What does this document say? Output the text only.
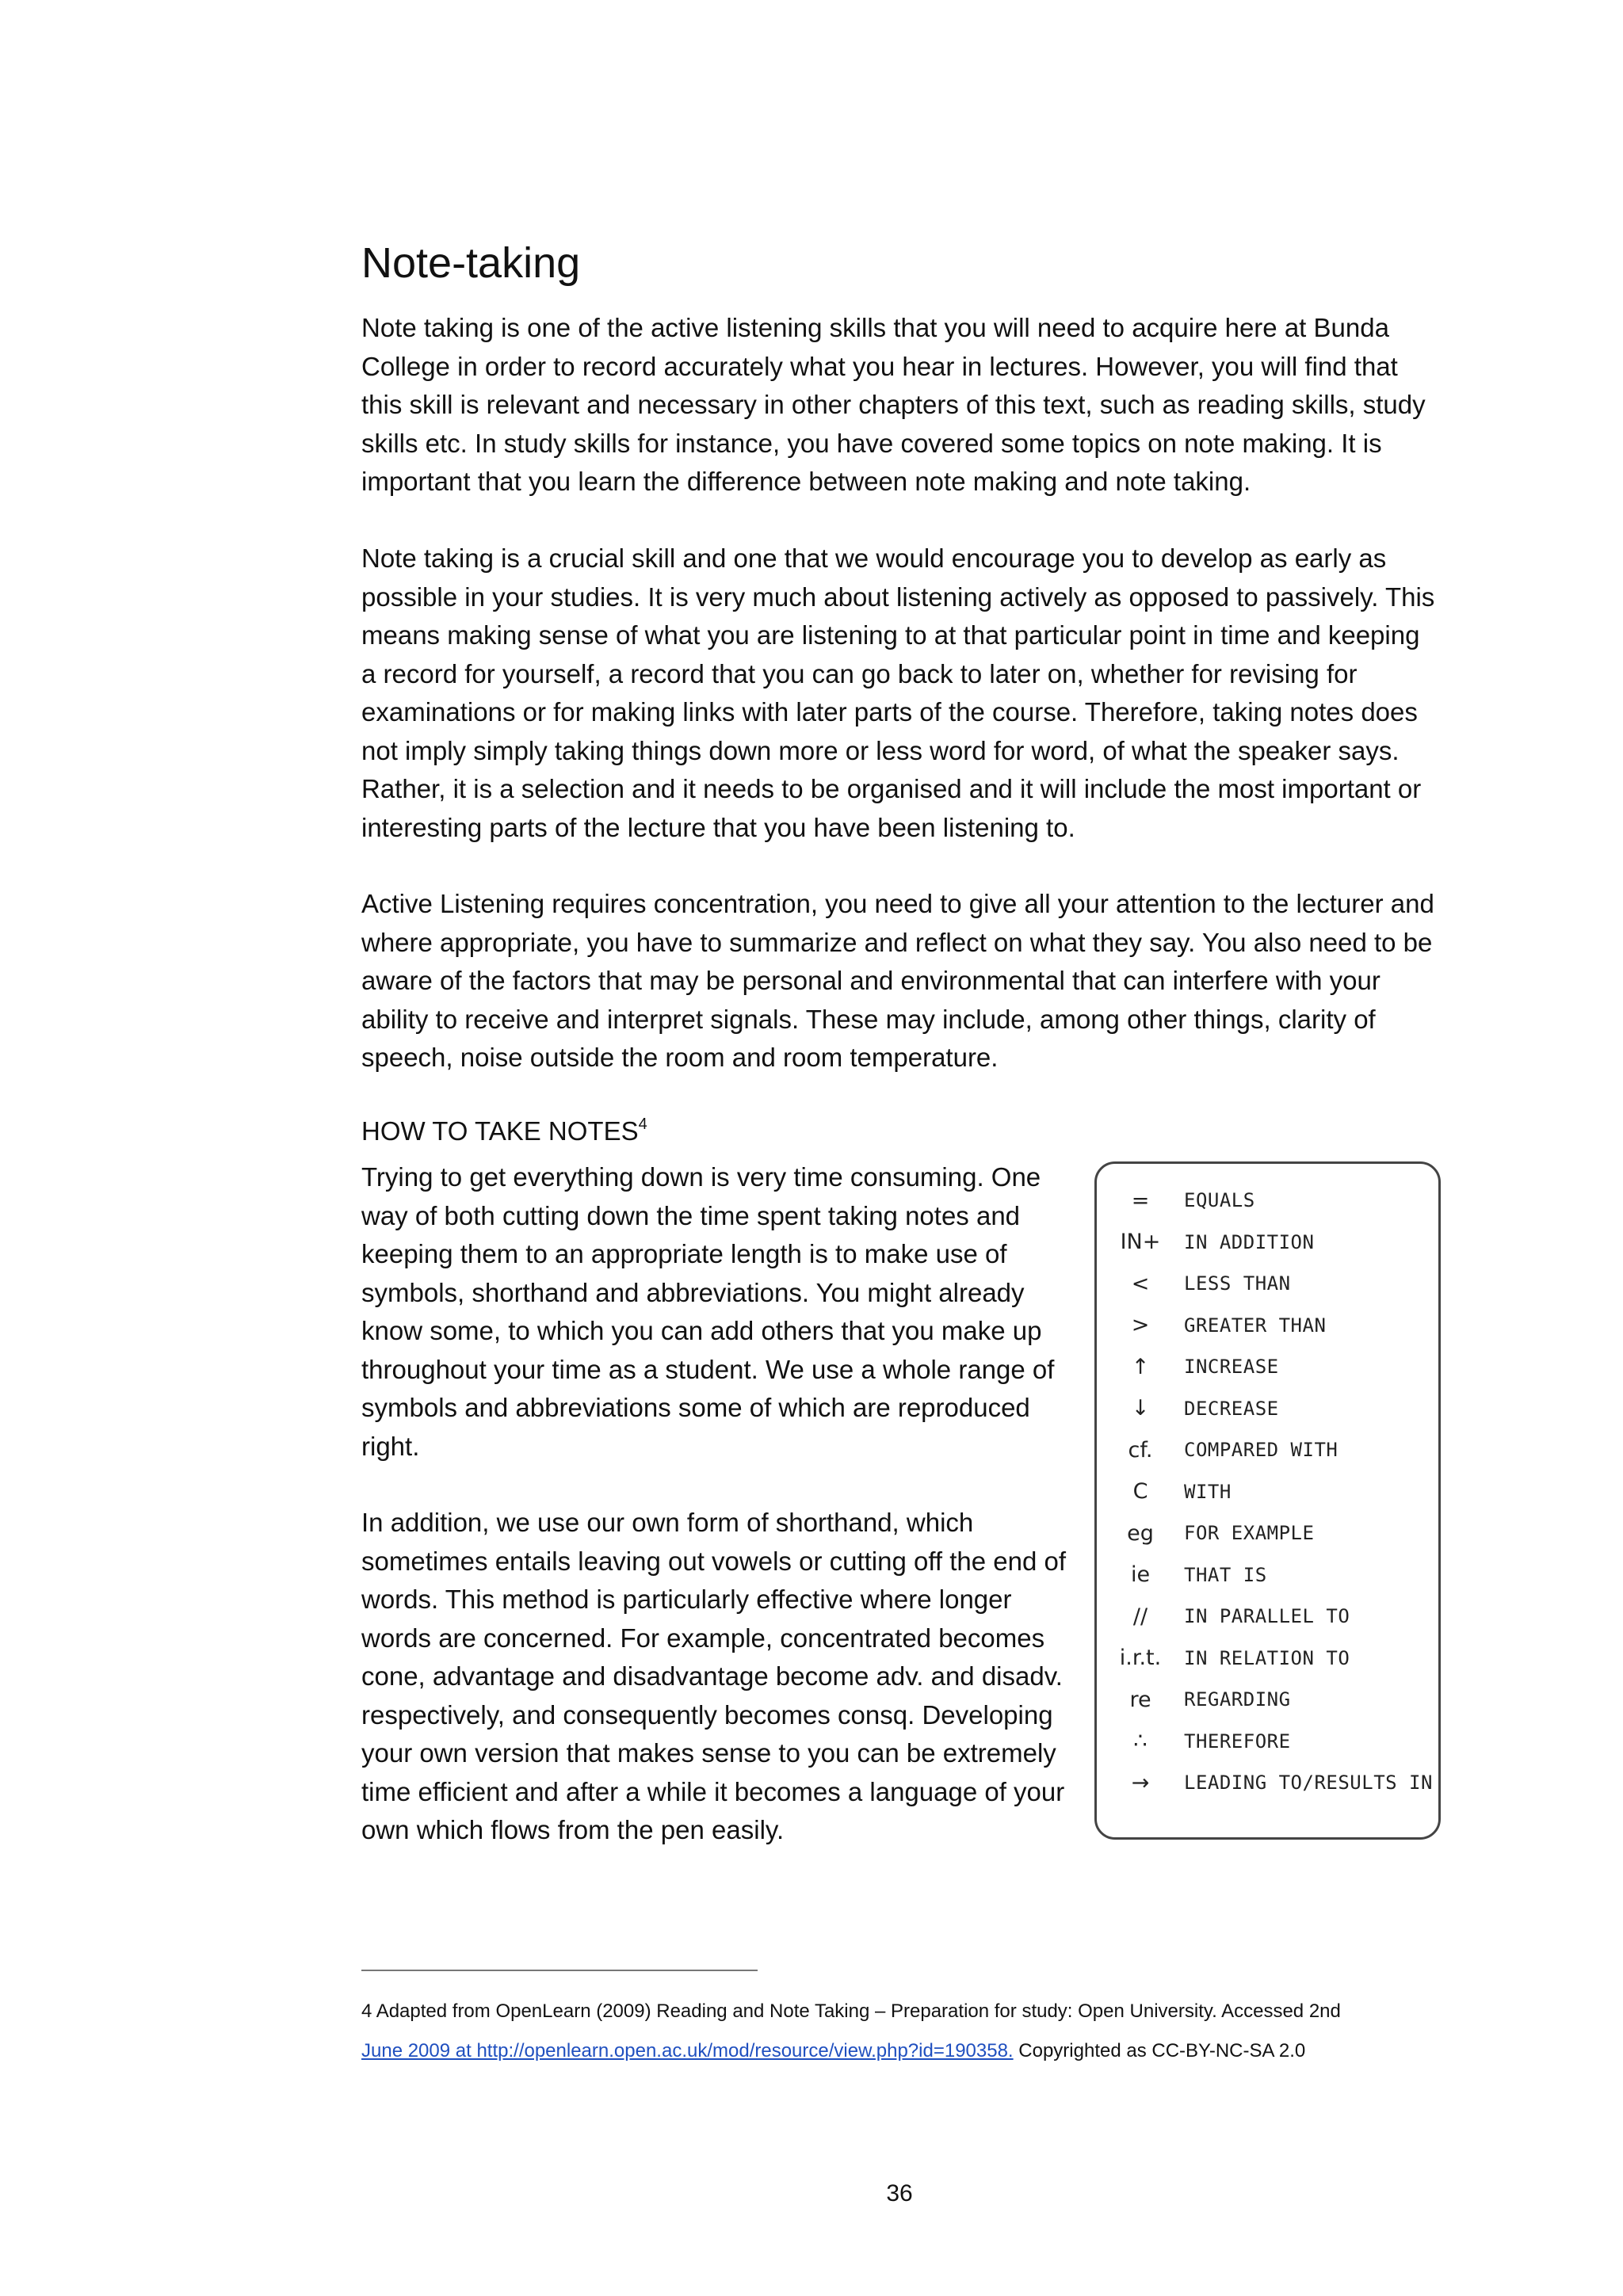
Note-taking

Note taking is one of the active listening skills that you will need to acquire here at Bunda College in order to record accurately what you hear in lectures. However, you will find that this skill is relevant and necessary in other chapters of this text, such as reading skills, study skills etc. In study skills for instance, you have covered some topics on note making. It is important that you learn the difference between note making and note taking.

Note taking is a crucial skill and one that we would encourage you to develop as early as possible in your studies. It is very much about listening actively as opposed to passively. This means making sense of what you are listening to at that particular point in time and keeping a record for yourself, a record that you can go back to later on, whether for revising for examinations or for making links with later parts of the course. Therefore, taking notes does not imply simply taking things down more or less word for word, of what the speaker says. Rather, it is a selection and it needs to be organised and it will include the most important or interesting parts of the lecture that you have been listening to.

Active Listening requires concentration, you need to give all your attention to the lecturer and where appropriate, you have to summarize and reflect on what they say. You also need to be aware of the factors that may be personal and environmental that can interfere with your ability to receive and interpret signals. These may include, among other things, clarity of speech, noise outside the room and room temperature.

HOW TO TAKE NOTES$^4$

Trying to get everything down is very time consuming. One way of both cutting down the time spent taking notes and keeping them to an appropriate length is to make use of symbols, shorthand and abbreviations. You might already know some, to which you can add others that you make up throughout your time as a student. We use a whole range of symbols and abbreviations some of which are reproduced right.

In addition, we use our own form of shorthand, which sometimes entails leaving out vowels or cutting off the end of words. This method is particularly effective where longer words are concerned. For example, concentrated becomes cone, advantage and disadvantage become adv. and disadv. respectively, and consequently becomes consq. Developing your own version that makes sense to you can be extremely time efficient and after a while it becomes a language of your own which flows from the pen easily.

=	EQUALS
IN+	IN ADDITION
<	LESS THAN
>	GREATER THAN
↑	INCREASE
↓	DECREASE
cf.	COMPARED WITH
C	WITH
eg	FOR EXAMPLE
ie	THAT IS
//	IN PARALLEL TO
i.r.t.	IN RELATION TO
re	REGARDING
∴	THEREFORE
→	LEADING TO/RESULTS IN

4 Adapted from OpenLearn (2009) Reading and Note Taking – Preparation for study: Open University. Accessed 2nd
June 2009 at http://openlearn.open.ac.uk/mod/resource/view.php?id=190358. Copyrighted as CC-BY-NC-SA 2.0

36
